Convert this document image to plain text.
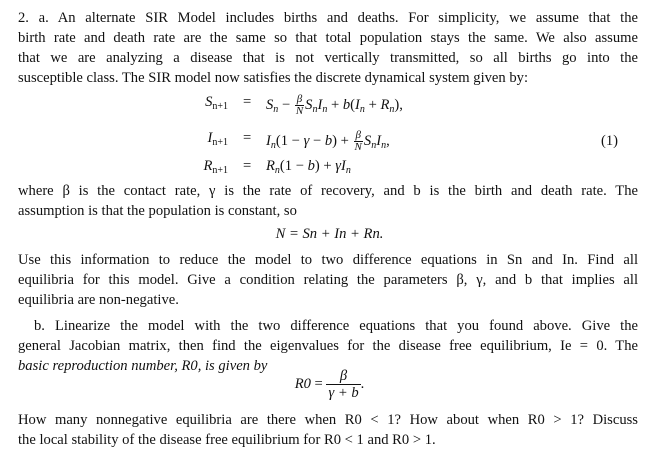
2. a. An alternate SIR Model includes births and deaths. For simplicity, we assume that the
birth rate and death rate are the same so that total population stays the same. We also assume
that we are analyzing a disease that is not vertically transmitted, so all births go into the
susceptible class. The SIR model now satisfies the discrete dynamical system given by:
$S_{n+1} = S_n - \frac{\beta}{N} S_nI_n + b(I_n + R_n)$,
$I_{n+1} = I_n(1 - \gamma - b) + \frac{\beta}{N} S_nI_n$,
$R_{n+1} = R_n(1 - b) + \gamma I_n$
(1)
where β is the contact rate, γ is the rate of recovery, and b is the birth and death rate. The
assumption is that the population is constant, so
N = Sn + In + Rn.
Use this information to reduce the model to two difference equations in Sn and In. Find all
equilibria for this model. Give a condition relating the parameters β, γ, and b that implies all
equilibria are non-negative.
b. Linearize the model with the two difference equations that you found above. Give the
general Jacobian matrix, then find the eigenvalues for the disease free equilibrium, Ie = 0. The
basic reproduction number, R0, is given by
$R0 = \frac{\beta}{\gamma + b}$ .
How many nonnegative equilibria are there when R0 < 1? How about when R0 > 1? Discuss
the local stability of the disease free equilibrium for R0 < 1 and R0 > 1.
